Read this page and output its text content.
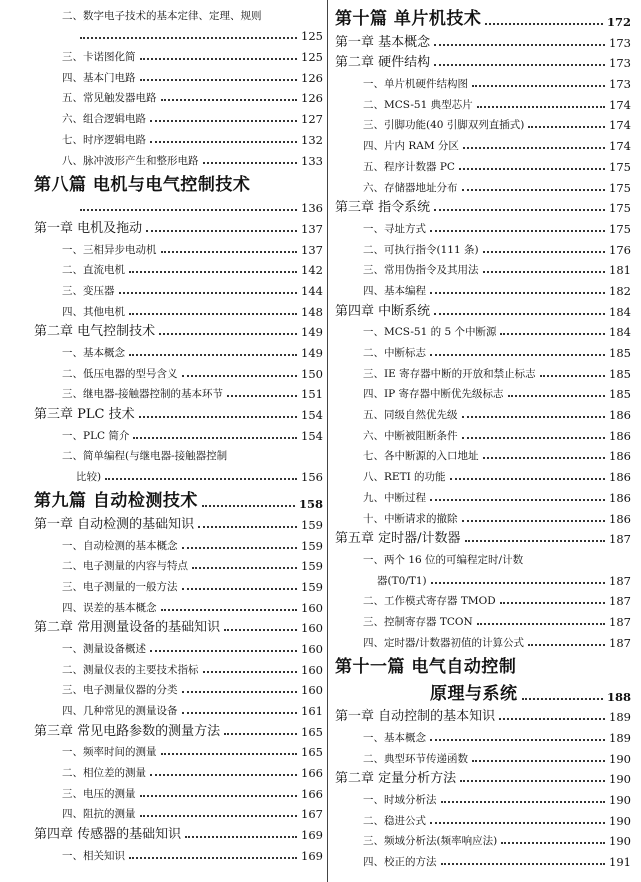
二、数字电子技术的基本定律、定理、规则
125
三、卡诺图化简	125
四、基本门电路	126
五、常见触发器电路	126
六、组合逻辑电路	127
七、时序逻辑电路	132
八、脉冲波形产生和整形电路	133
第八篇 电机与电气控制技术
136
第一章 电机及拖动	137
一、三相异步电动机	137
二、直流电机	142
三、变压器	144
四、其他电机	148
第二章 电气控制技术	149
一、基本概念	149
二、低压电器的型号含义	150
三、继电器-接触器控制的基本环节	151
第三章 PLC 技术	154
一、PLC 简介	154
二、简单编程(与继电器-接触器控制
比较)	156
第九篇 自动检测技术	158
第一章 自动检测的基础知识	159
一、自动检测的基本概念	159
二、电子测量的内容与特点	159
三、电子测量的一般方法	159
四、误差的基本概念	160
第二章 常用测量设备的基础知识	160
一、测量设备概述	160
二、测量仪表的主要技术指标	160
三、电子测量仪器的分类	160
四、几种常见的测量设备	161
第三章 常见电路参数的测量方法	165
一、频率时间的测量	165
二、相位差的测量	166
三、电压的测量	166
四、阻抗的测量	167
第四章 传感器的基础知识	169
一、相关知识	169
第十篇 单片机技术	172
第一章 基本概念	173
第二章 硬件结构	173
一、单片机硬件结构图	173
二、MCS-51 典型芯片	174
三、引脚功能(40 引脚双列直插式)	174
四、片内 RAM 分区	174
五、程序计数器 PC	175
六、存储器地址分布	175
第三章 指令系统	175
一、寻址方式	175
二、可执行指令(111 条)	176
三、常用伪指令及其用法	181
四、基本编程	182
第四章 中断系统	184
一、MCS-51 的 5 个中断源	184
二、中断标志	185
三、IE 寄存器中断的开放和禁止标志	185
四、IP 寄存器中断优先级标志	185
五、同级自然优先级	186
六、中断被阻断条件	186
七、各中断源的入口地址	186
八、RETI 的功能	186
九、中断过程	186
十、中断请求的撤除	186
第五章 定时器/计数器	187
一、两个 16 位的可编程定时/计数
器(T0/T1)	187
二、工作模式寄存器 TMOD	187
三、控制寄存器 TCON	187
四、定时器/计数器初值的计算公式	187
第十一篇 电气自动控制
原理与系统	188
第一章 自动控制的基本知识	189
一、基本概念	189
二、典型环节传递函数	190
第二章 定量分析方法	190
一、时域分析法	190
二、稳进公式	190
三、频域分析法(频率响应法)	190
四、校正的方法	191
